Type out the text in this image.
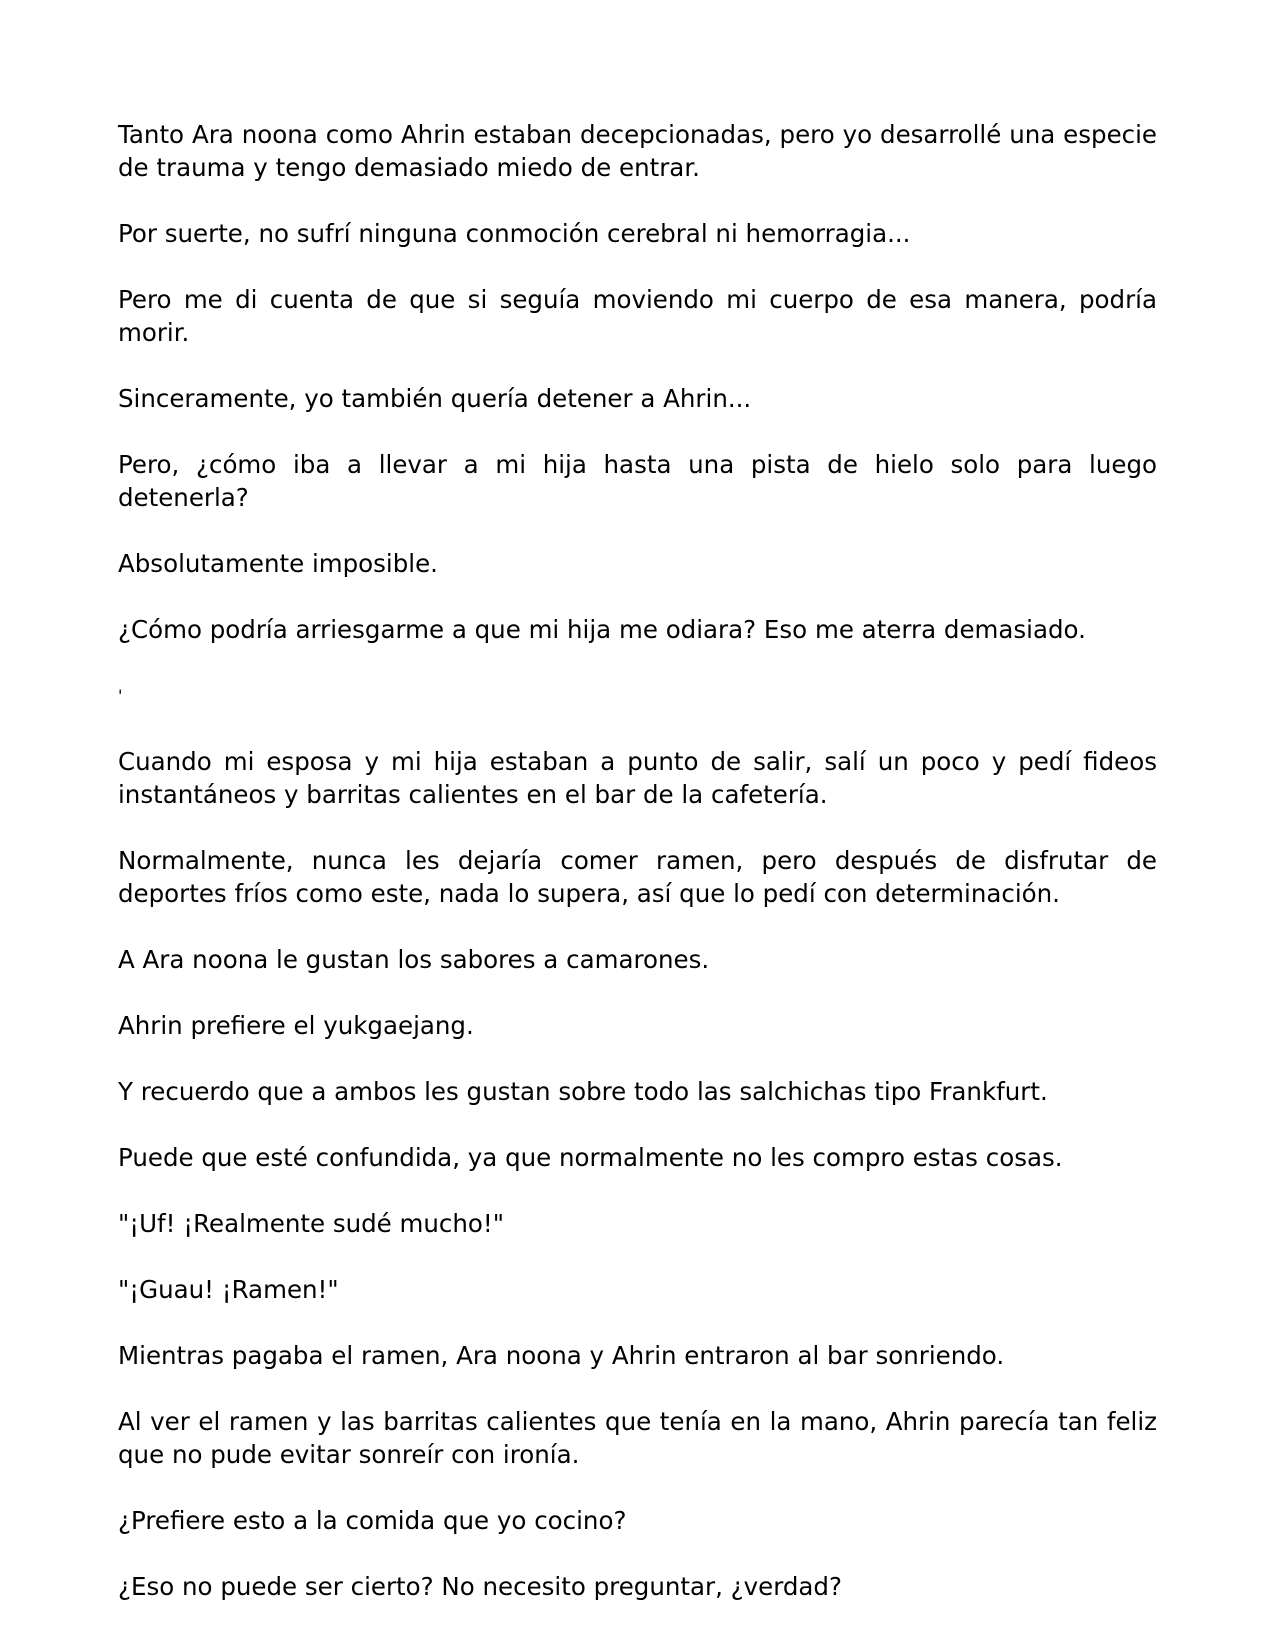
Tanto Ara noona como Ahrin estaban decepcionadas, pero yo desarrollé una especie de trauma y tengo demasiado miedo de entrar.

Por suerte, no sufrí ninguna conmoción cerebral ni hemorragia...

Pero me di cuenta de que si seguía moviendo mi cuerpo de esa manera, podría morir.

Sinceramente, yo también quería detener a Ahrin...

Pero, ¿cómo iba a llevar a mi hija hasta una pista de hielo solo para luego detenerla?

Absolutamente imposible.

¿Cómo podría arriesgarme a que mi hija me odiara? Eso me aterra demasiado.

'

Cuando mi esposa y mi hija estaban a punto de salir, salí un poco y pedí fideos instantáneos y barritas calientes en el bar de la cafetería.

Normalmente, nunca les dejaría comer ramen, pero después de disfrutar de deportes fríos como este, nada lo supera, así que lo pedí con determinación.

A Ara noona le gustan los sabores a camarones.

Ahrin prefiere el yukgaejang.

Y recuerdo que a ambos les gustan sobre todo las salchichas tipo Frankfurt.

Puede que esté confundida, ya que normalmente no les compro estas cosas.

"¡Uf! ¡Realmente sudé mucho!"

"¡Guau! ¡Ramen!"

Mientras pagaba el ramen, Ara noona y Ahrin entraron al bar sonriendo.

Al ver el ramen y las barritas calientes que tenía en la mano, Ahrin parecía tan feliz que no pude evitar sonreír con ironía.

¿Prefiere esto a la comida que yo cocino?

¿Eso no puede ser cierto? No necesito preguntar, ¿verdad?
